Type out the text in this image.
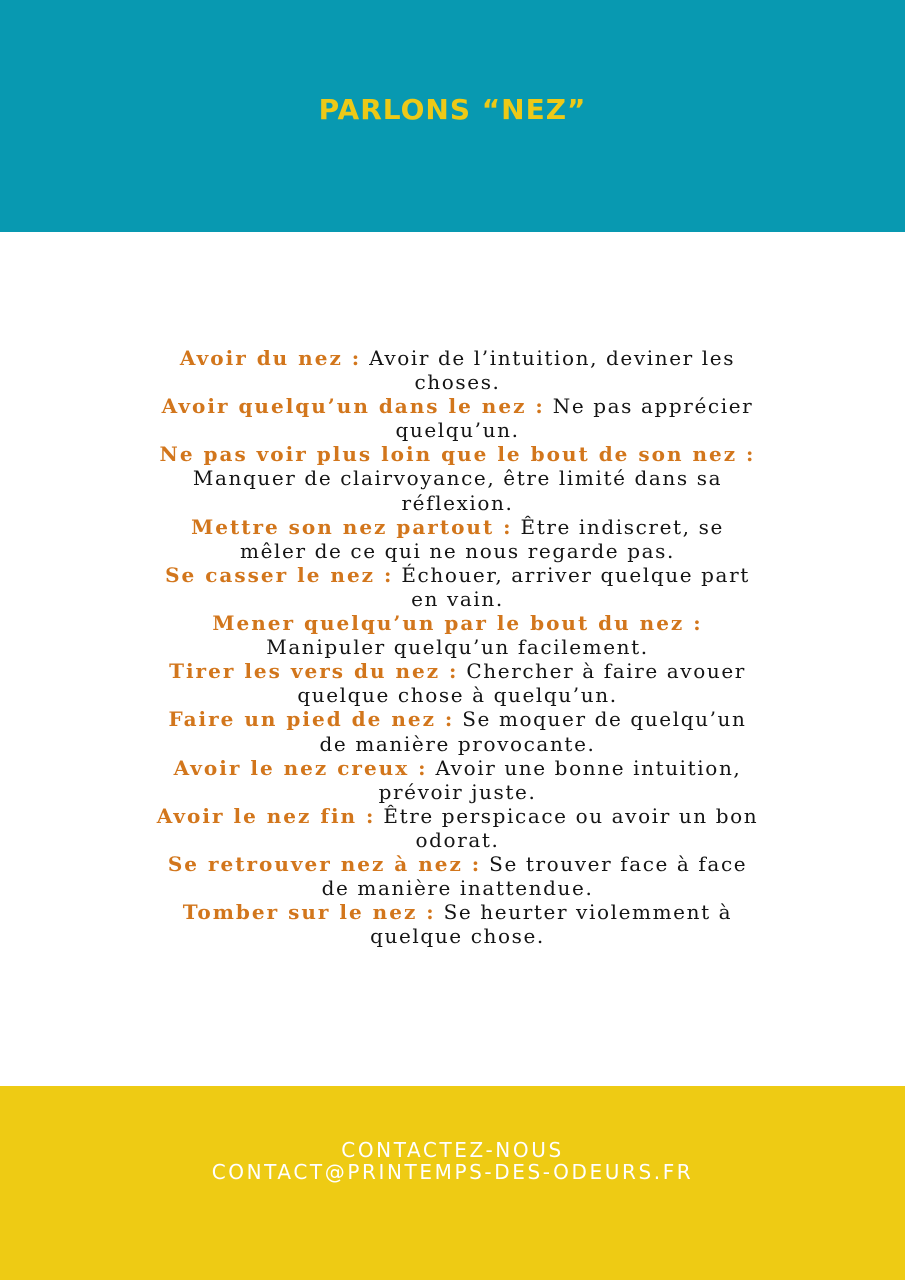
PARLONS “NEZ”

Avoir du nez : Avoir de l’intuition, deviner les choses.

Avoir quelqu’un dans le nez : Ne pas apprécier quelqu’un.

Ne pas voir plus loin que le bout de son nez : Manquer de clairvoyance, être limité dans sa réflexion.

Mettre son nez partout : Être indiscret, se mêler de ce qui ne nous regarde pas.

Se casser le nez : Échouer, arriver quelque part en vain.

Mener quelqu’un par le bout du nez : Manipuler quelqu’un facilement.

Tirer les vers du nez : Chercher à faire avouer quelque chose à quelqu’un.

Faire un pied de nez : Se moquer de quelqu’un de manière provocante.

Avoir le nez creux : Avoir une bonne intuition, prévoir juste.

Avoir le nez fin : Être perspicace ou avoir un bon odorat.

Se retrouver nez à nez : Se trouver face à face de manière inattendue.

Tomber sur le nez : Se heurter violemment à quelque chose.

CONTACTEZ-NOUS
CONTACT@PRINTEMPS-DES-ODEURS.FR
